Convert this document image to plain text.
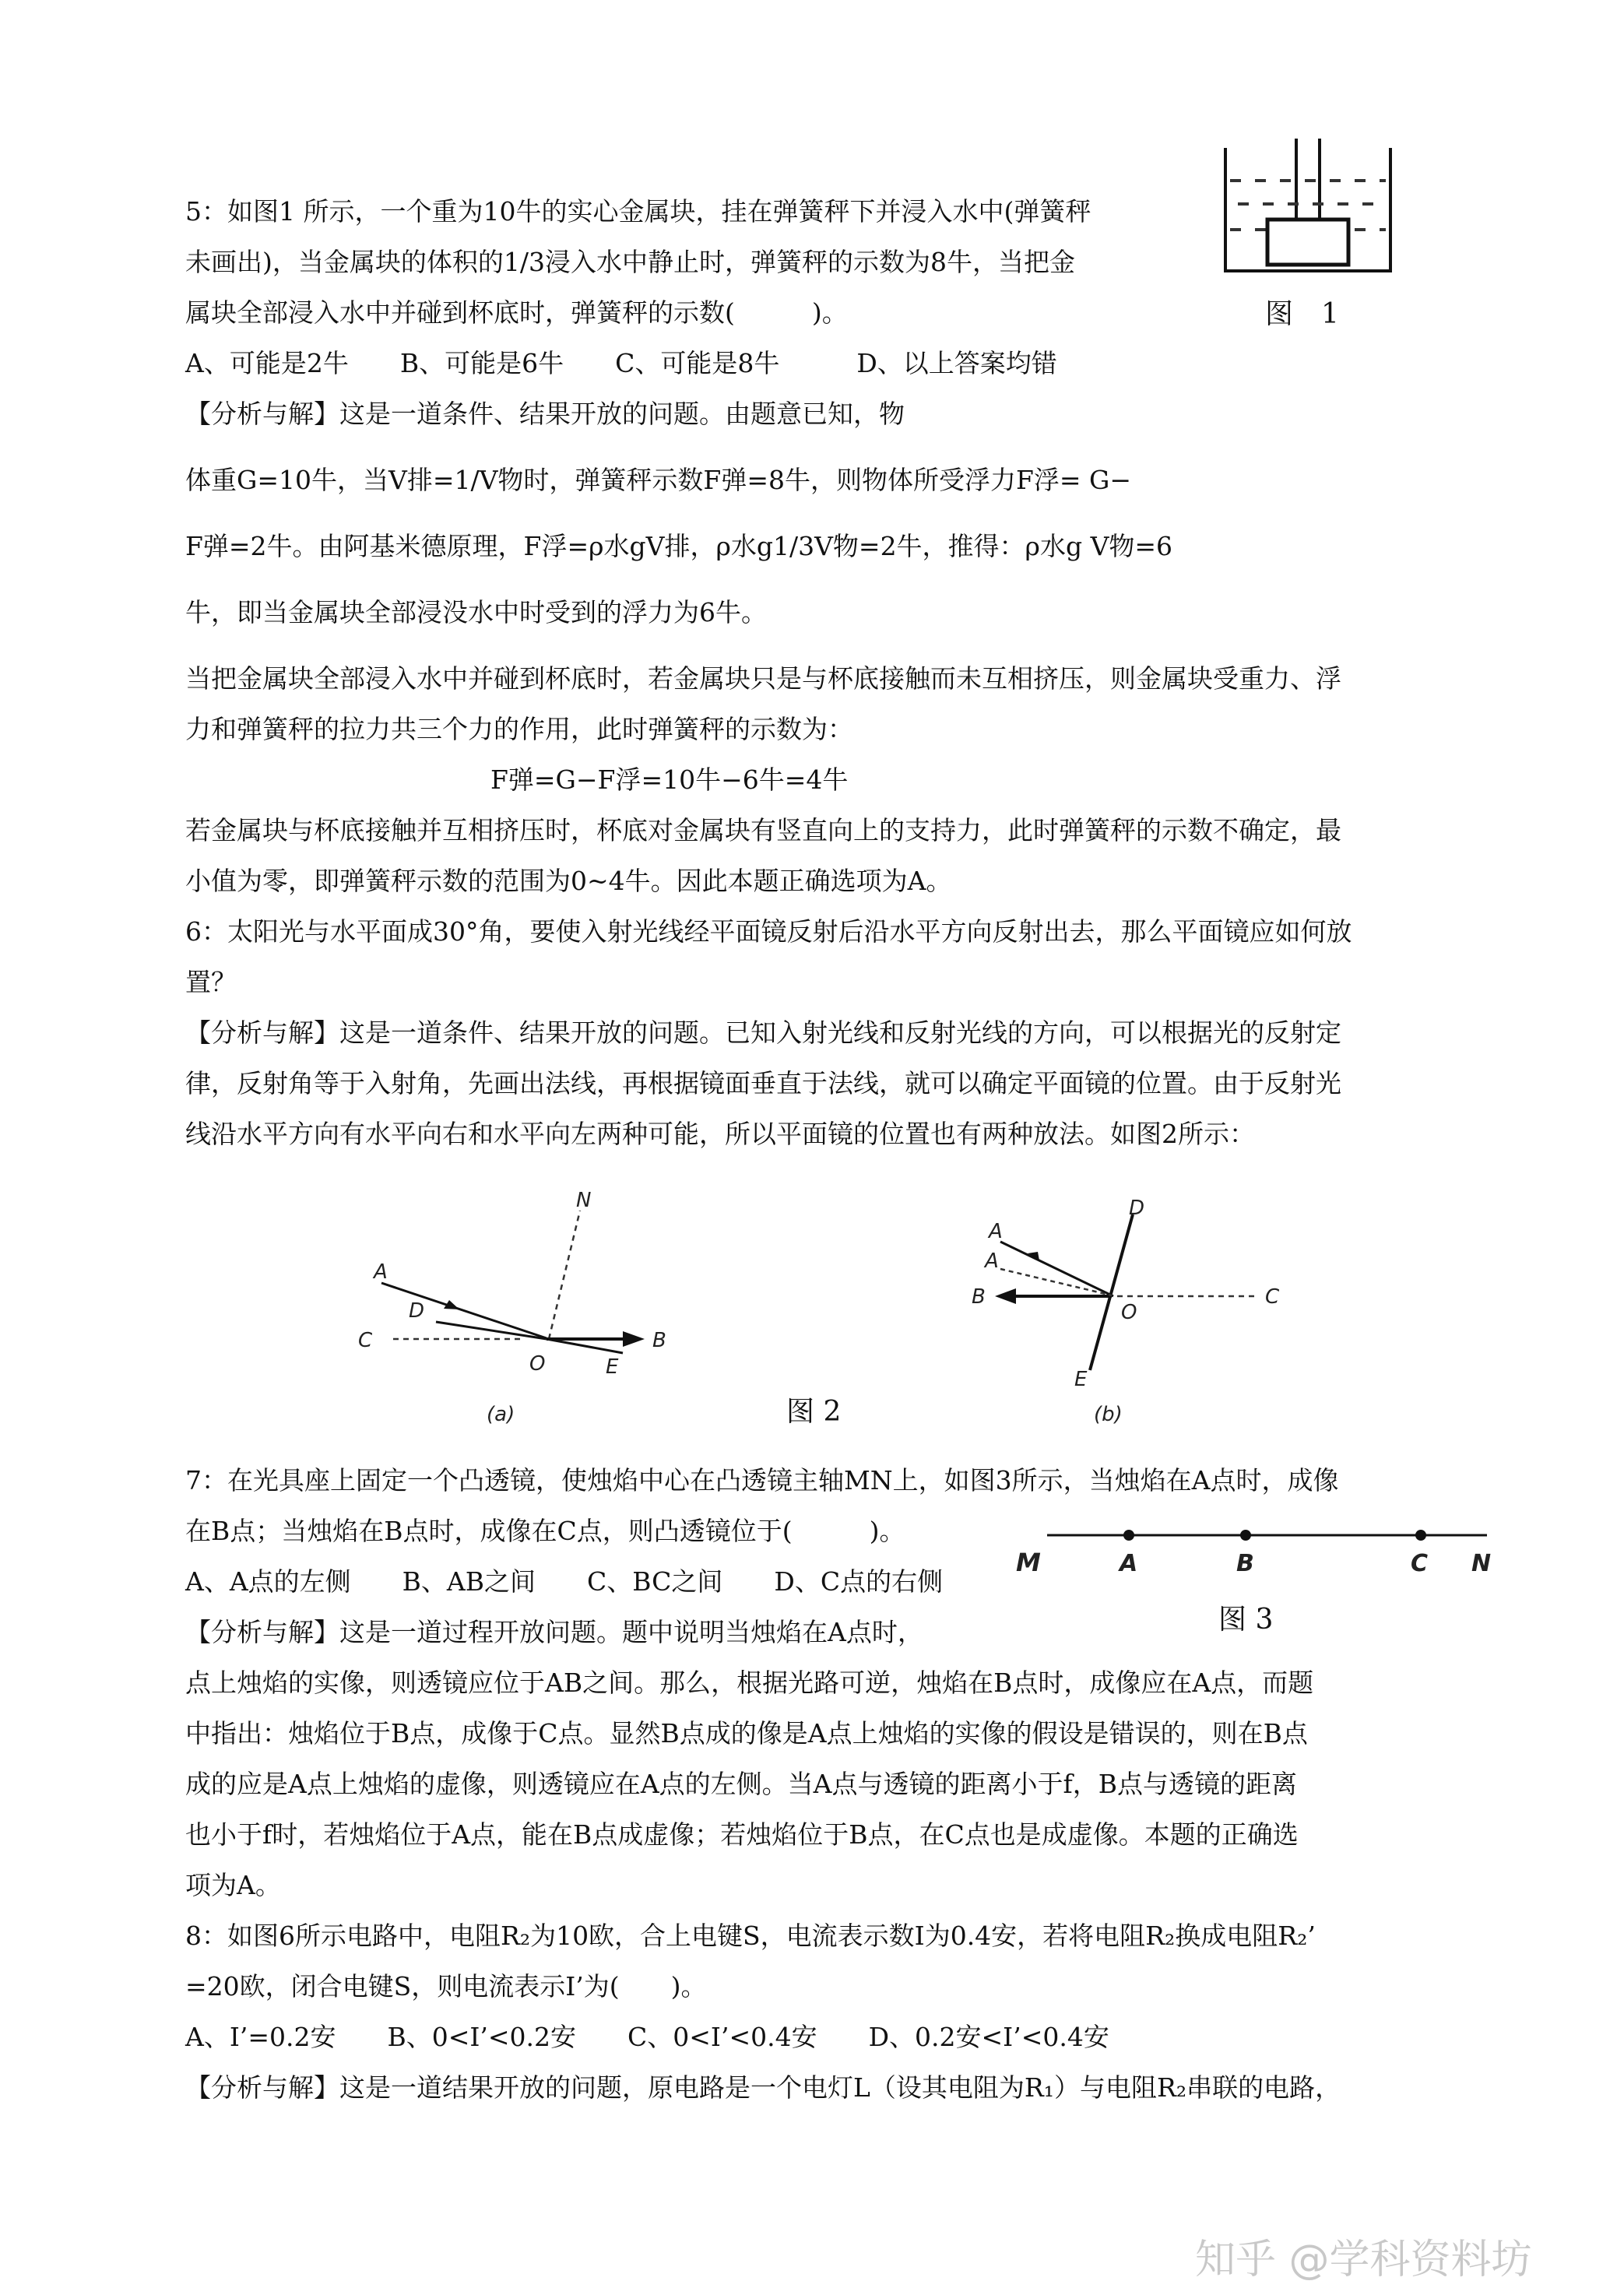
5：如图1 所示，一个重为10牛的实心金属块，挂在弹簧秤下并浸入水中(弹簧秤
未画出)，当金属块的体积的1/3浸入水中静止时，弹簧秤的示数为8牛，当把金
属块全部浸入水中并碰到杯底时，弹簧秤的示数(　　　)。
A、可能是2牛　　B、可能是6牛　　C、可能是8牛　　　D、以上答案均错
【分析与解】这是一道条件、结果开放的问题。由题意已知，物
体重G=10牛，当V排=1/V物时，弹簧秤示数F弹=8牛，则物体所受浮力F浮= G−
F弹=2牛。由阿基米德原理，F浮=ρ水gV排，ρ水g1/3V物=2牛，推得：ρ水g V物=6
牛，即当金属块全部浸没水中时受到的浮力为6牛。
当把金属块全部浸入水中并碰到杯底时，若金属块只是与杯底接触而未互相挤压，则金属块受重力、浮
力和弹簧秤的拉力共三个力的作用，此时弹簧秤的示数为：
F弹=G−F浮=10牛−6牛=4牛
若金属块与杯底接触并互相挤压时，杯底对金属块有竖直向上的支持力，此时弹簧秤的示数不确定，最
小值为零，即弹簧秤示数的范围为0~4牛。因此本题正确选项为A。
图　1
6：太阳光与水平面成30°角，要使入射光线经平面镜反射后沿水平方向反射出去，那么平面镜应如何放
置？
【分析与解】这是一道条件、结果开放的问题。已知入射光线和反射光线的方向，可以根据光的反射定
律，反射角等于入射角，先画出法线，再根据镜面垂直于法线，就可以确定平面镜的位置。由于反射光
线沿水平方向有水平向右和水平向左两种可能，所以平面镜的位置也有两种放法。如图2所示：
N
A
D
C
O
B
E
(a)
A
A
D
B
O
C
E
(b)
图 2
7：在光具座上固定一个凸透镜，使烛焰中心在凸透镜主轴MN上，如图3所示，当烛焰在A点时，成像
在B点；当烛焰在B点时，成像在C点，则凸透镜位于(　　　)。
A、A点的左侧　　B、AB之间　　C、BC之间　　D、C点的右侧
【分析与解】这是一道过程开放问题。题中说明当烛焰在A点时，
点上烛焰的实像，则透镜应位于AB之间。那么，根据光路可逆，烛焰在B点时，成像应在A点，而题
中指出：烛焰位于B点，成像于C点。显然B点成的像是A点上烛焰的实像的假设是错误的，则在B点
成的应是A点上烛焰的虚像，则透镜应在A点的左侧。当A点与透镜的距离小于f，B点与透镜的距离
也小于f时，若烛焰位于A点，能在B点成虚像；若烛焰位于B点，在C点也是成虚像。本题的正确选
项为A。
M	A	B	C N
图 3
8：如图6所示电路中，电阻R₂为10欧，合上电键S，电流表示数I为0.4安，若将电阻R₂换成电阻R₂’
=20欧，闭合电键S，则电流表示I’为(　　)。
A、I’=0.2安　　B、0<I’<0.2安　　C、0<I’<0.4安　　D、0.2安<I’<0.4安
【分析与解】这是一道结果开放的问题，原电路是一个电灯L（设其电阻为R₁）与电阻R₂串联的电路，
知乎 @学科资料坊
